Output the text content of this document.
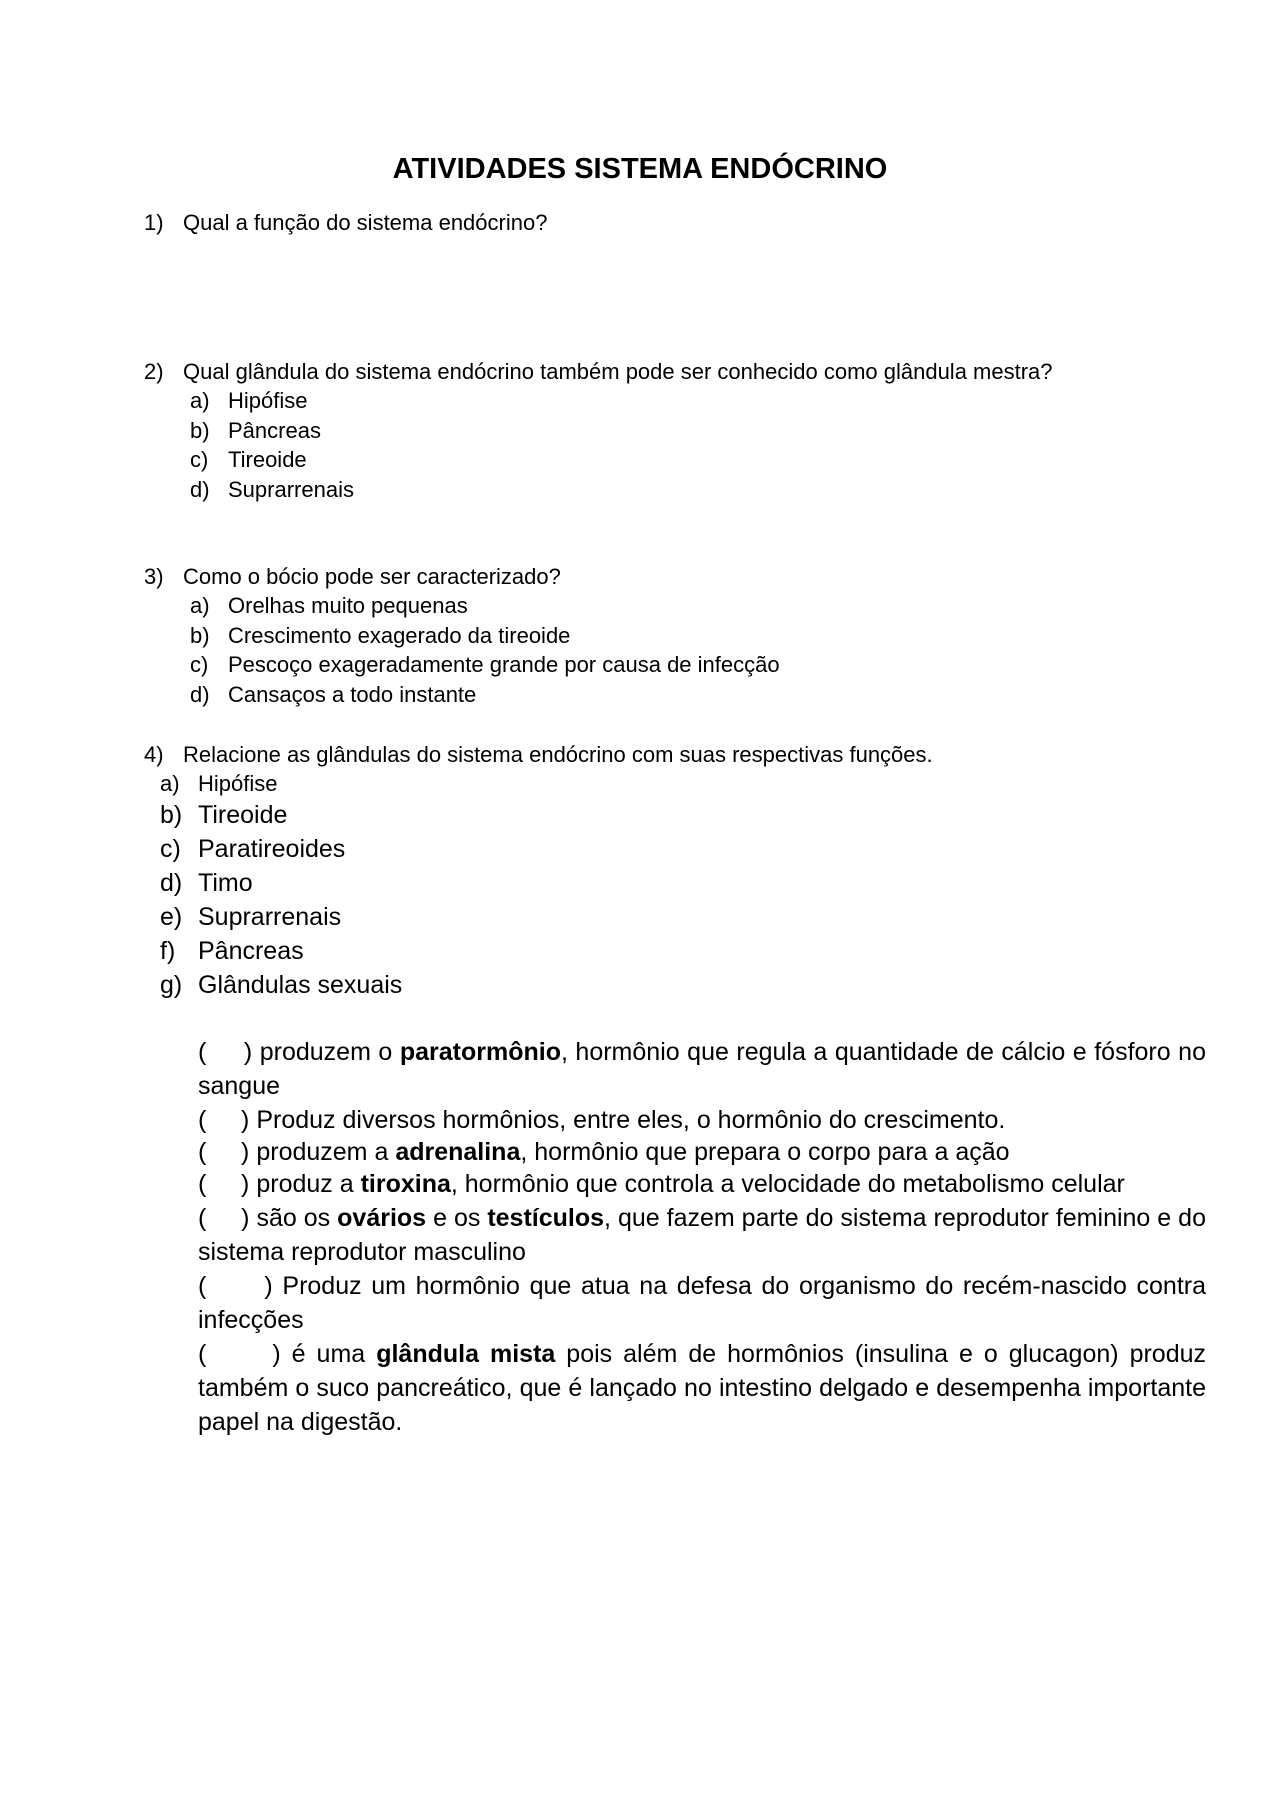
ATIVIDADES SISTEMA ENDÓCRINO
1) Qual a função do sistema endócrino?
2) Qual glândula do sistema endócrino também pode ser conhecido como glândula mestra?
a) Hipófise
b) Pâncreas
c) Tireoide
d) Suprarrenais
3) Como o bócio pode ser caracterizado?
a) Orelhas muito pequenas
b) Crescimento exagerado da tireoide
c) Pescoço exageradamente grande por causa de infecção
d) Cansaços a todo instante
4) Relacione as glândulas do sistema endócrino com suas respectivas funções.
a) Hipófise
b) Tireoide
c) Paratireoides
d) Timo
e) Suprarrenais
f) Pâncreas
g) Glândulas sexuais
(     ) produzem o paratormônio, hormônio que regula a quantidade de cálcio e fósforo no sangue
(     ) Produz diversos hormônios, entre eles, o hormônio do crescimento.
(     ) produzem a adrenalina, hormônio que prepara o corpo para a ação
(     ) produz a tiroxina, hormônio que controla a velocidade do metabolismo celular
(     ) são os ovários e os testículos, que fazem parte do sistema reprodutor feminino e do sistema reprodutor masculino
(      ) Produz um hormônio que atua na defesa do organismo do recém-nascido contra infecções
(      ) é uma glândula mista pois além de hormônios (insulina e o glucagon) produz também o suco pancreático, que é lançado no intestino delgado e desempenha importante papel na digestão.
